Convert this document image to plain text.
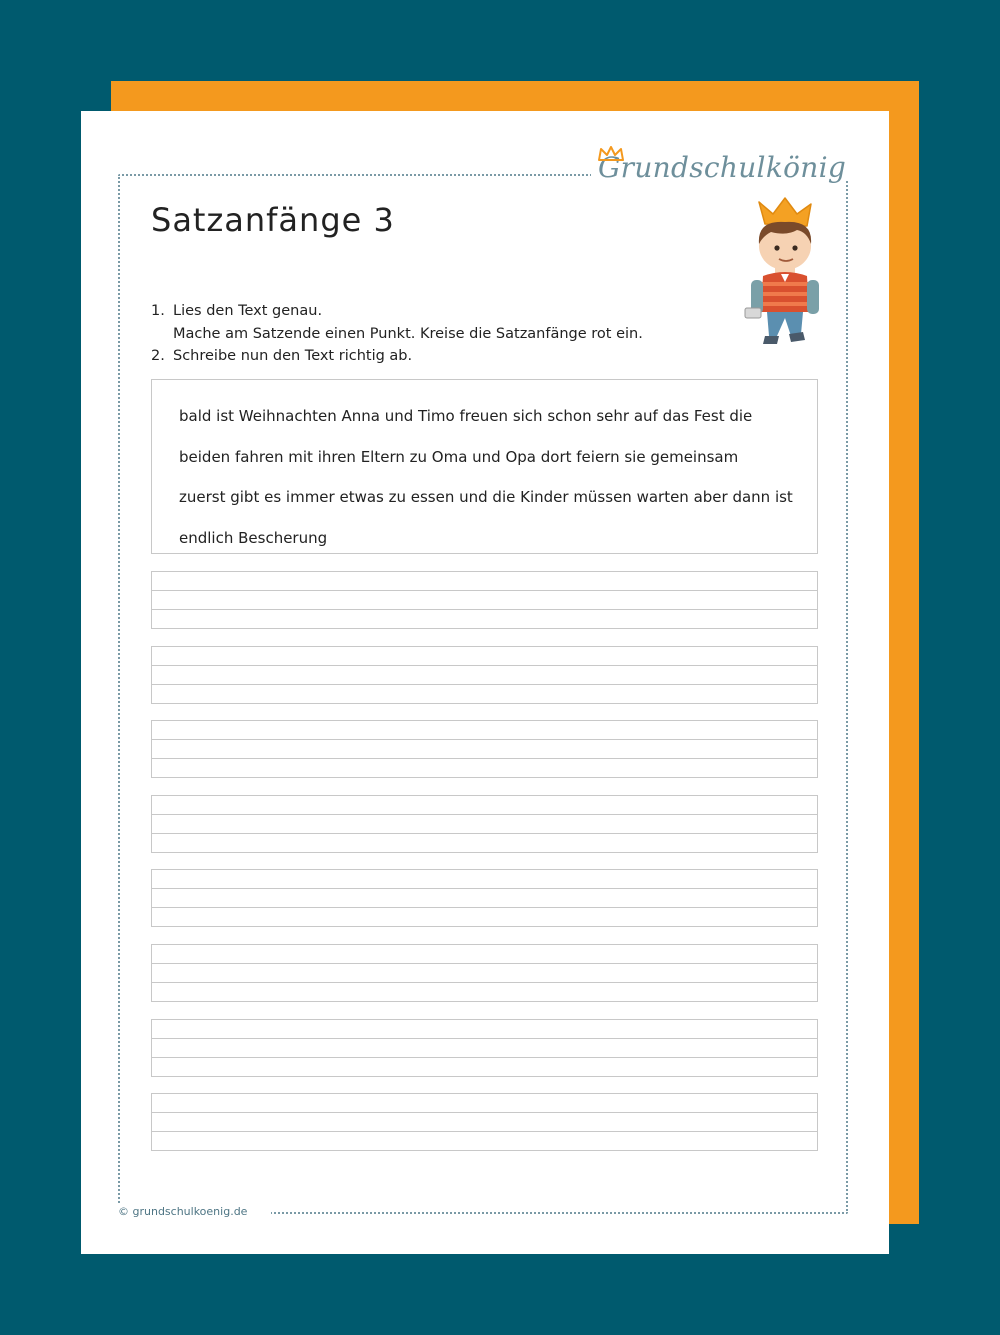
Grundschulkönig
Satzanfänge 3
1. Lies den Text genau.
Mache am Satzende einen Punkt. Kreise die Satzanfänge rot ein.
2. Schreibe nun den Text richtig ab.
bald ist Weihnachten Anna und Timo freuen sich schon sehr auf das Fest die
beiden fahren mit ihren Eltern zu Oma und Opa dort feiern sie gemeinsam
zuerst gibt es immer etwas zu essen und die Kinder müssen warten aber dann ist
endlich Bescherung
© grundschulkoenig.de
